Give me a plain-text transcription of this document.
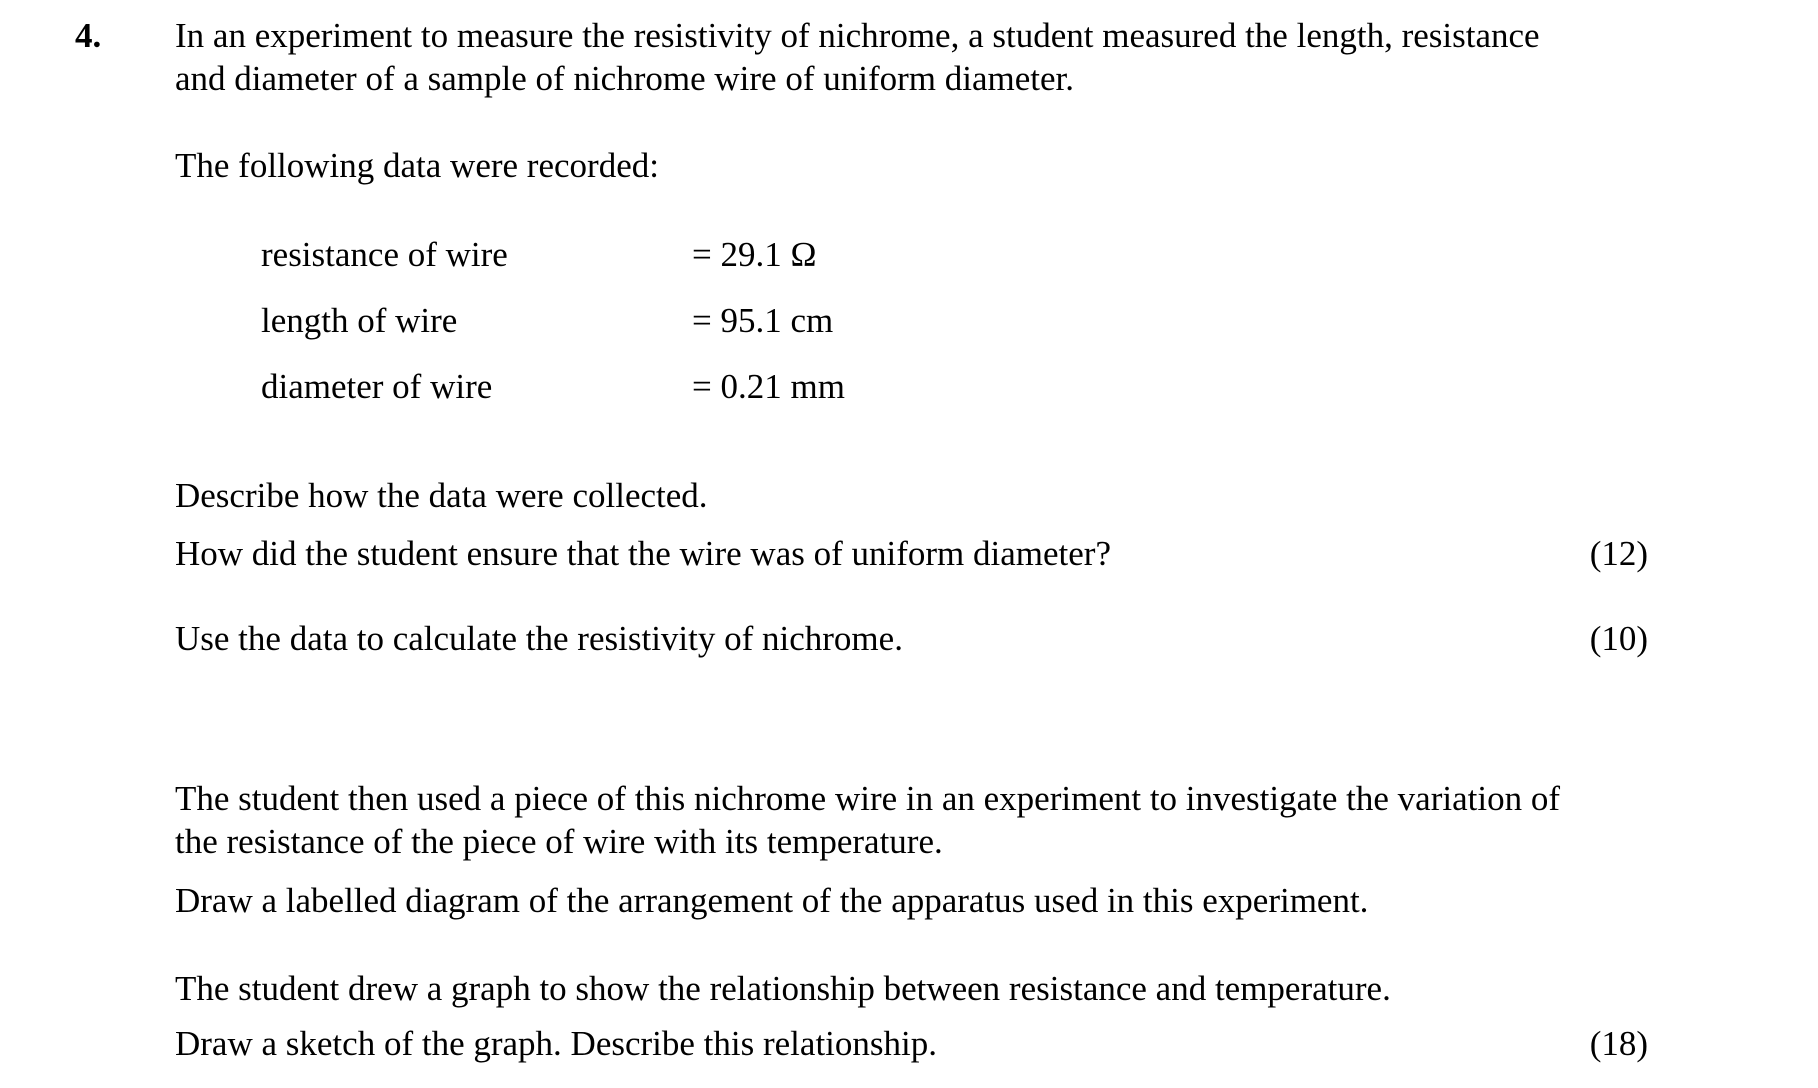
4. In an experiment to measure the resistivity of nichrome, a student measured the length, resistance
and diameter of a sample of nichrome wire of uniform diameter.
The following data were recorded:
resistance of wire	= 29.1 Ω
length of wire	= 95.1 cm
diameter of wire	= 0.21 mm
Describe how the data were collected.
How did the student ensure that the wire was of uniform diameter?	(12)
Use the data to calculate the resistivity of nichrome.	(10)
The student then used a piece of this nichrome wire in an experiment to investigate the variation of
the resistance of the piece of wire with its temperature.
Draw a labelled diagram of the arrangement of the apparatus used in this experiment.
The student drew a graph to show the relationship between resistance and temperature.
Draw a sketch of the graph. Describe this relationship.	(18)
